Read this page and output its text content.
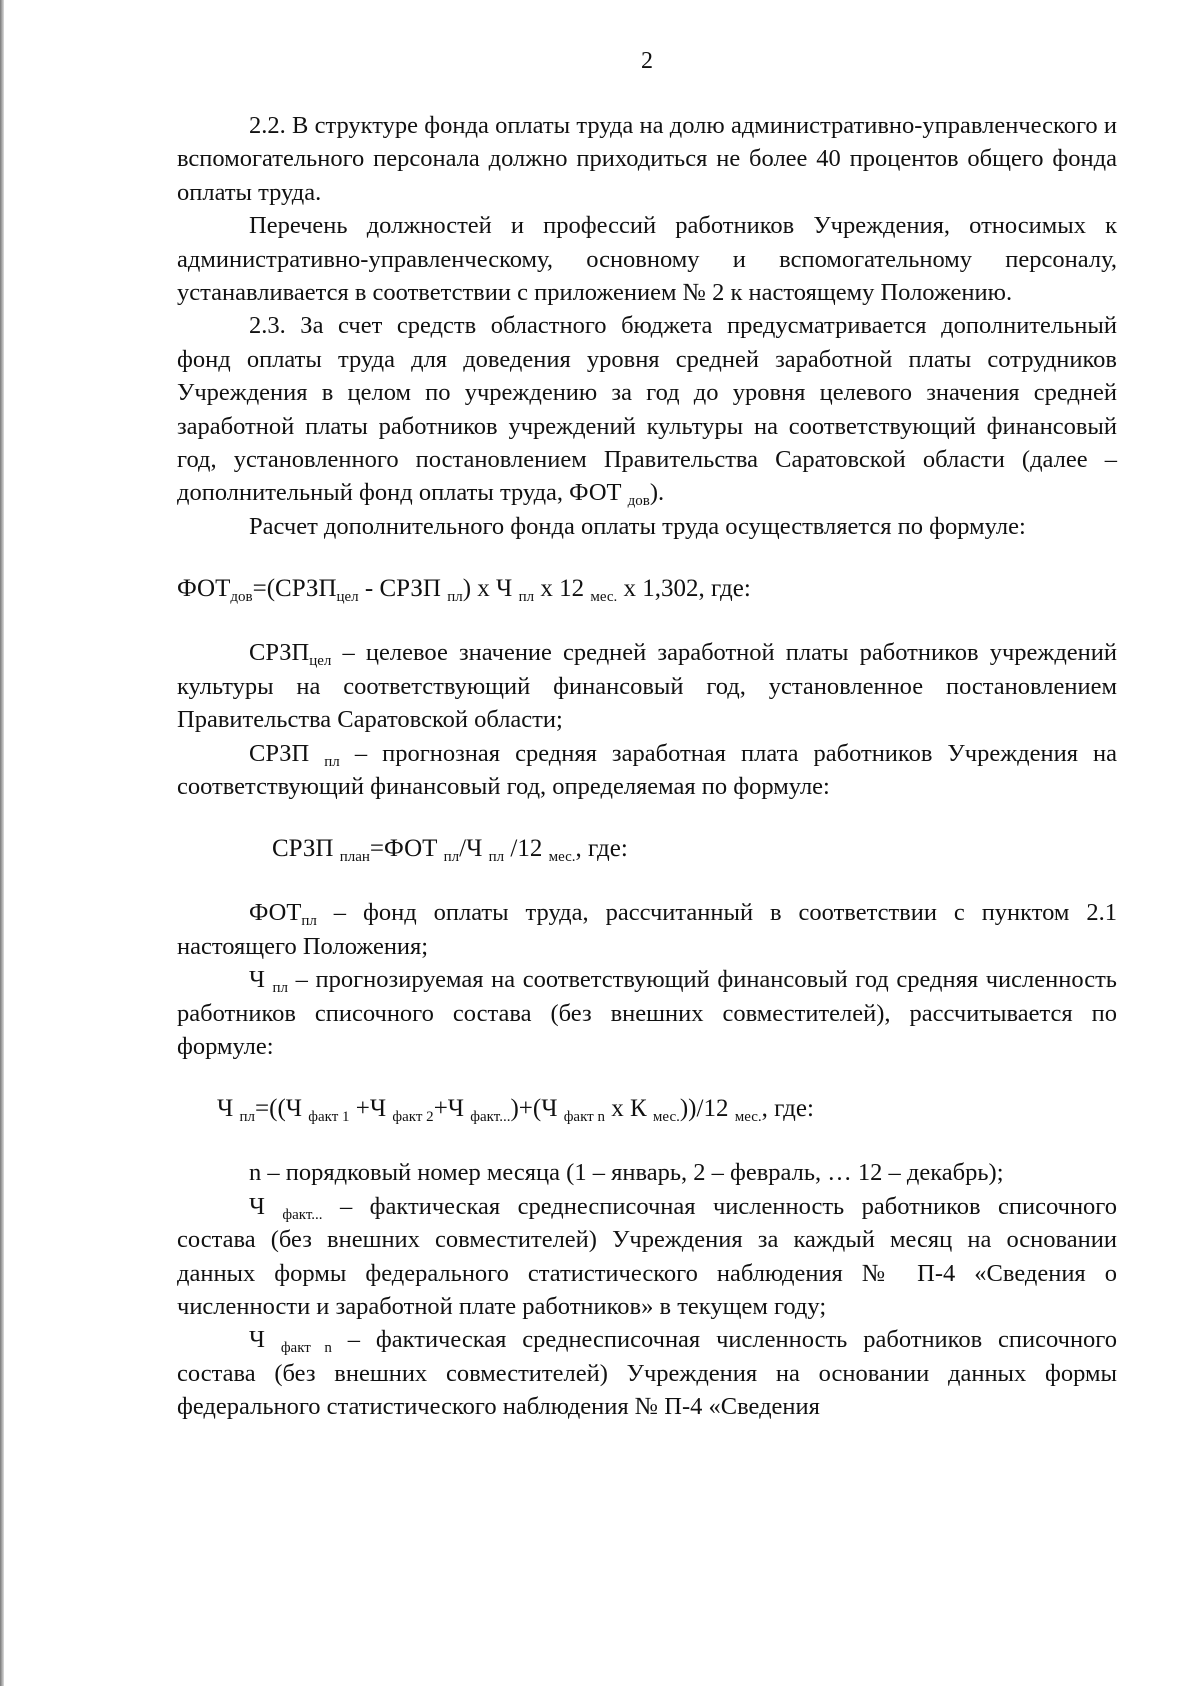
2

2.2. В структуре фонда оплаты труда на долю административно-управленческого и вспомогательного персонала должно приходиться не более 40 процентов общего фонда оплаты труда.

Перечень должностей и профессий работников Учреждения, относимых к административно-управленческому, основному и вспомогательному персоналу, устанавливается в соответствии с приложением № 2 к настоящему Положению.

2.3. За счет средств областного бюджета предусматривается дополнительный фонд оплаты труда для доведения уровня средней заработной платы сотрудников Учреждения в целом по учреждению за год до уровня целевого значения средней заработной платы работников учреждений культуры на соответствующий финансовый год, установленного постановлением Правительства Саратовской области (далее – дополнительный фонд оплаты труда, ФОТ $_{дов}$).

Расчет дополнительного фонда оплаты труда осуществляется по формуле:

$ФОТ_{дов}=(СРЗП_{цел}$ - СРЗП $_{пл}$) х Ч $_{пл}$ х 12 $_{мес.}$ х 1,302, где:

$СРЗП_{цел}$ – целевое значение средней заработной платы работников учреждений культуры на соответствующий финансовый год, установленное постановлением Правительства Саратовской области;

СРЗП $_{пл}$ – прогнозная средняя заработная плата работников Учреждения на соответствующий финансовый год, определяемая по формуле:

СРЗП $_{план}$=ФОТ $_{пл}$/Ч $_{пл}$ /12 $_{мес.}$, где:

$ФОТ_{пл}$ – фонд оплаты труда, рассчитанный в соответствии с пунктом 2.1 настоящего Положения;

Ч $_{пл}$ – прогнозируемая на соответствующий финансовый год средняя численность работников списочного состава (без внешних совместителей), рассчитывается по формуле:

Ч $_{пл}$=((Ч $_{факт 1}$ +Ч $_{факт 2}$+Ч $_{факт...}$)+(Ч $_{факт n}$ х К $_{мес.}$))/12 $_{мес.}$, где:

n – порядковый номер месяца (1 – январь, 2 – февраль, … 12 – декабрь);

Ч $_{факт...}$ – фактическая среднесписочная численность работников списочного состава (без внешних совместителей) Учреждения за каждый месяц на основании данных формы федерального статистического наблюдения № П-4 «Сведения о численности и заработной плате работников» в текущем году;

Ч $_{факт n}$ – фактическая среднесписочная численность работников списочного состава (без внешних совместителей) Учреждения на основании данных формы федерального статистического наблюдения № П-4 «Сведения
